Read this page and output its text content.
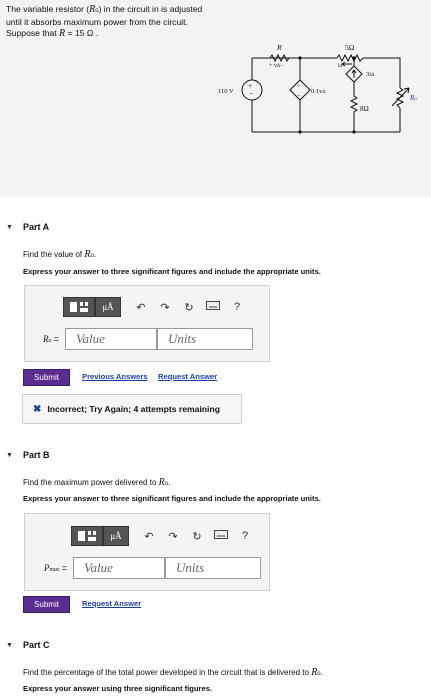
The variable resistor (Ro) in the circuit in is adjusted
until it absorbs maximum power from the circuit.
Suppose that R = 15 Ω .
+
−
+
−
R
+ vΔ−
5Ω
iΔ
110 V	0.1vΔ
3iΔ
8Ω
Ro
▼ Part A
Find the value of Ro.
Express your answer to three significant figures and include the appropriate units.
μÅ	↶	↷	↻	?
Ro =	Value	Units
Submit	Previous Answers Request Answer
✖ Incorrect; Try Again; 4 attempts remaining
▼ Part B
Find the maximum power delivered to Ro.
Express your answer to three significant figures and include the appropriate units.
μÅ	↶	↷	↻	?
Pmax =	Value	Units
Submit	Request Answer
▼ Part C
Find the percentage of the total power developed in the circuit that is delivered to Ro.
Express your answer using three significant figures.
